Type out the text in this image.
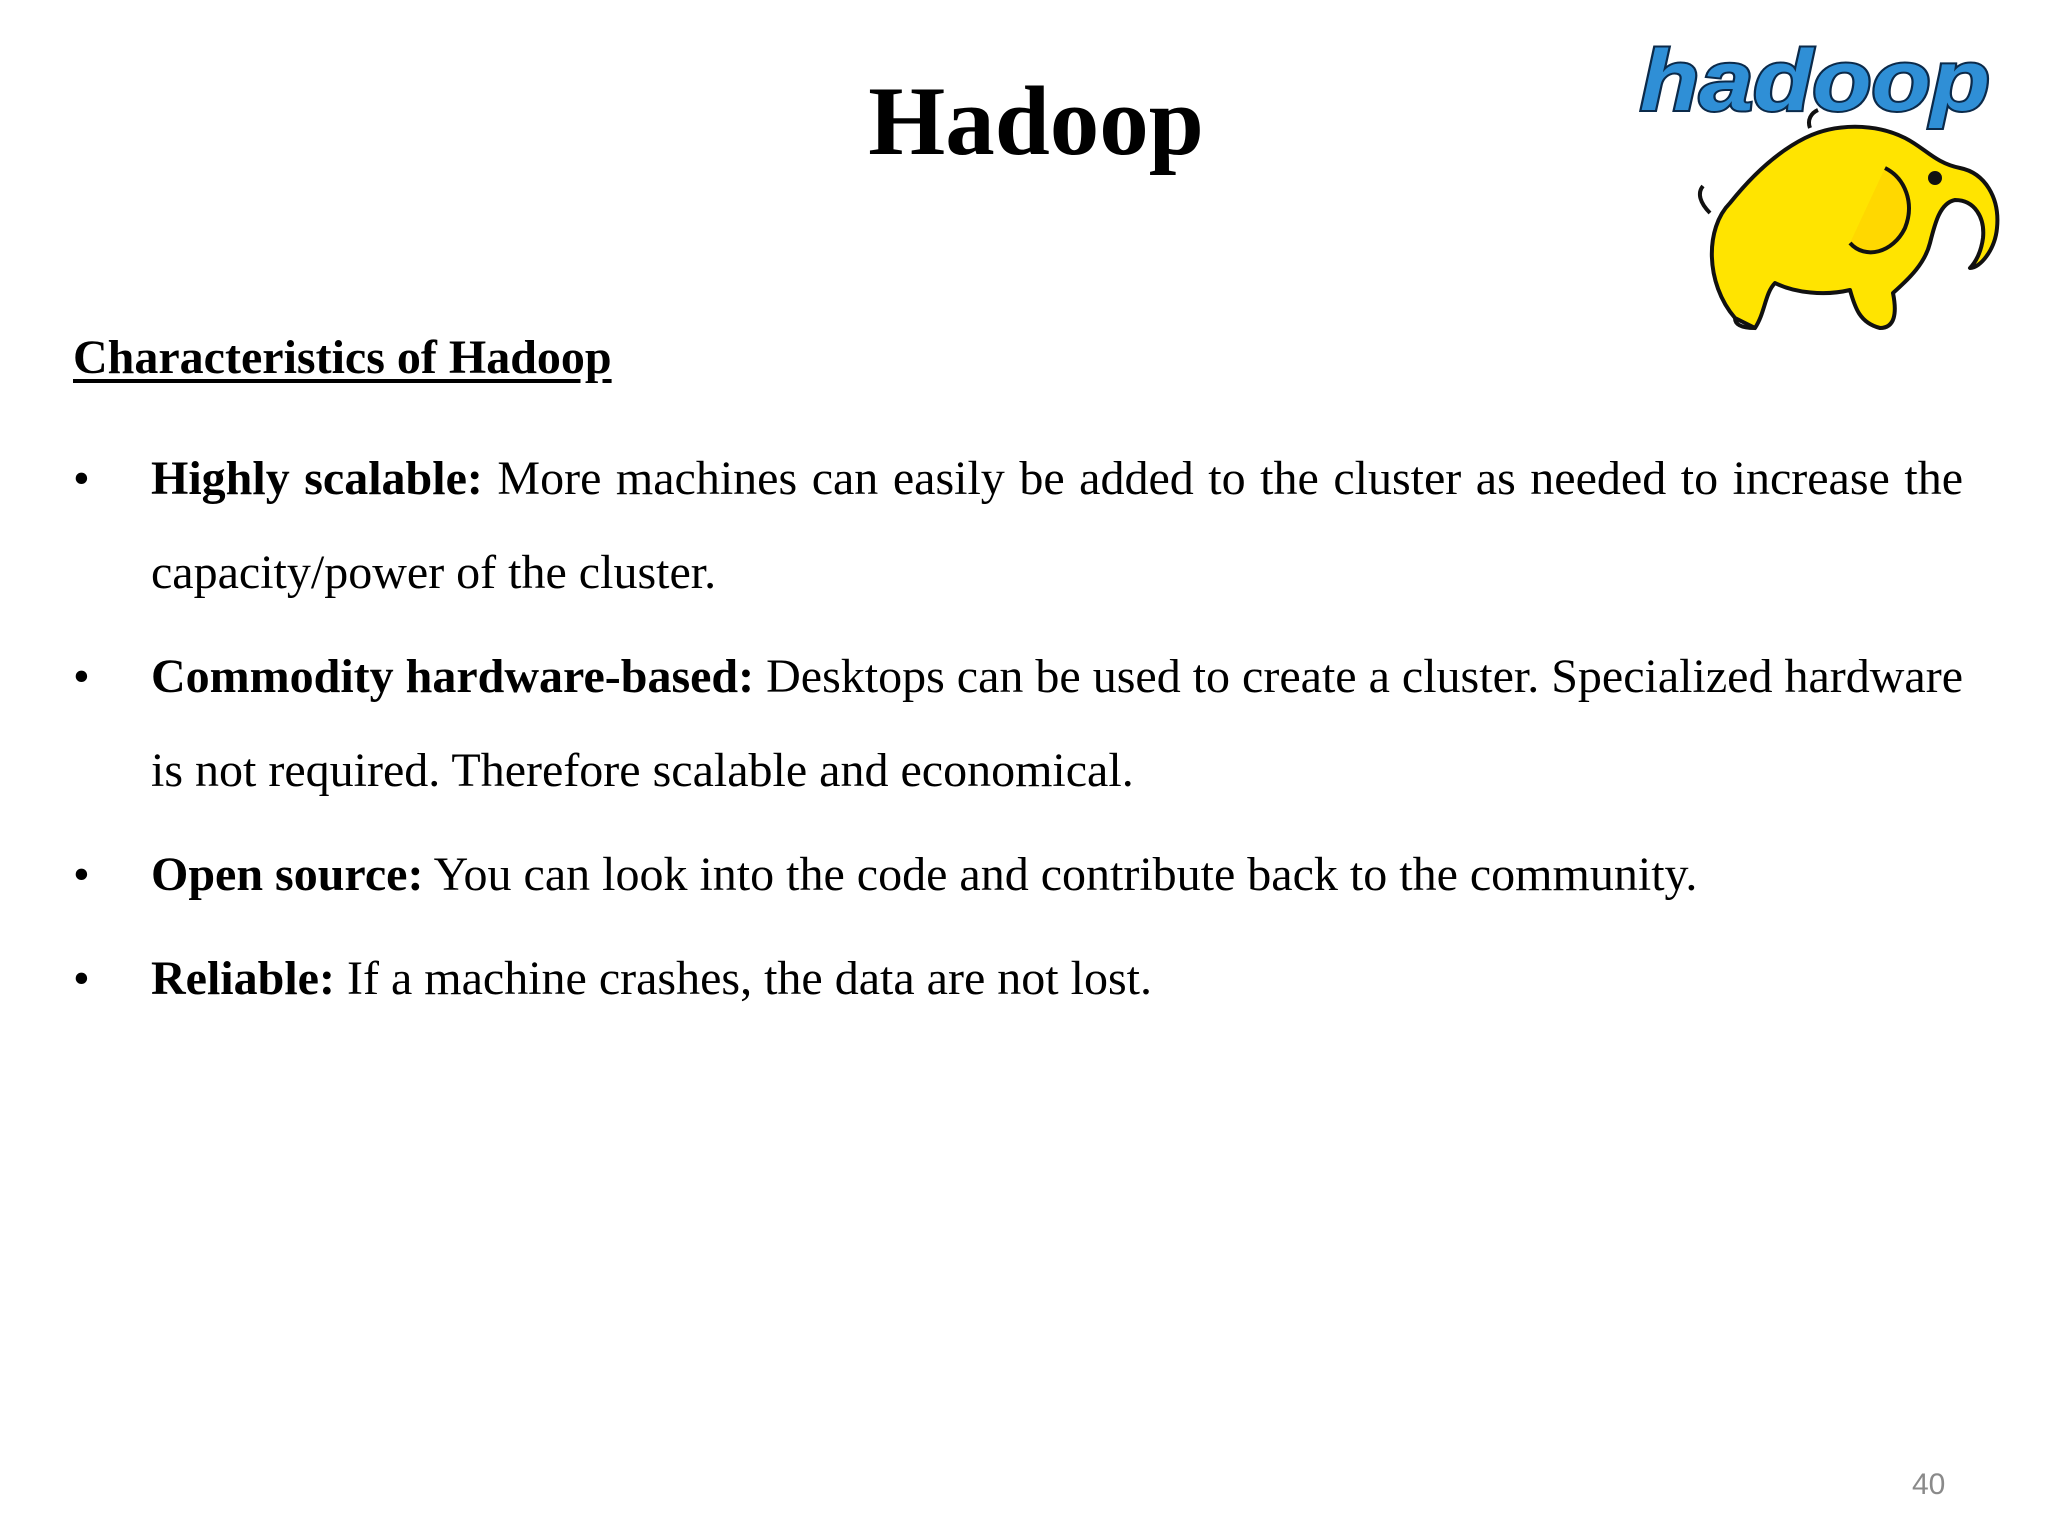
Hadoop	hadoop
Characteristics of Hadoop
• Highly scalable: More machines can easily be added to the cluster as needed to increase the capacity/power of the cluster.
• Commodity hardware-based: Desktops can be used to create a cluster. Specialized hardware is not required. Therefore scalable and economical.
• Open source: You can look into the code and contribute back to the community.
• Reliable: If a machine crashes, the data are not lost.
40
